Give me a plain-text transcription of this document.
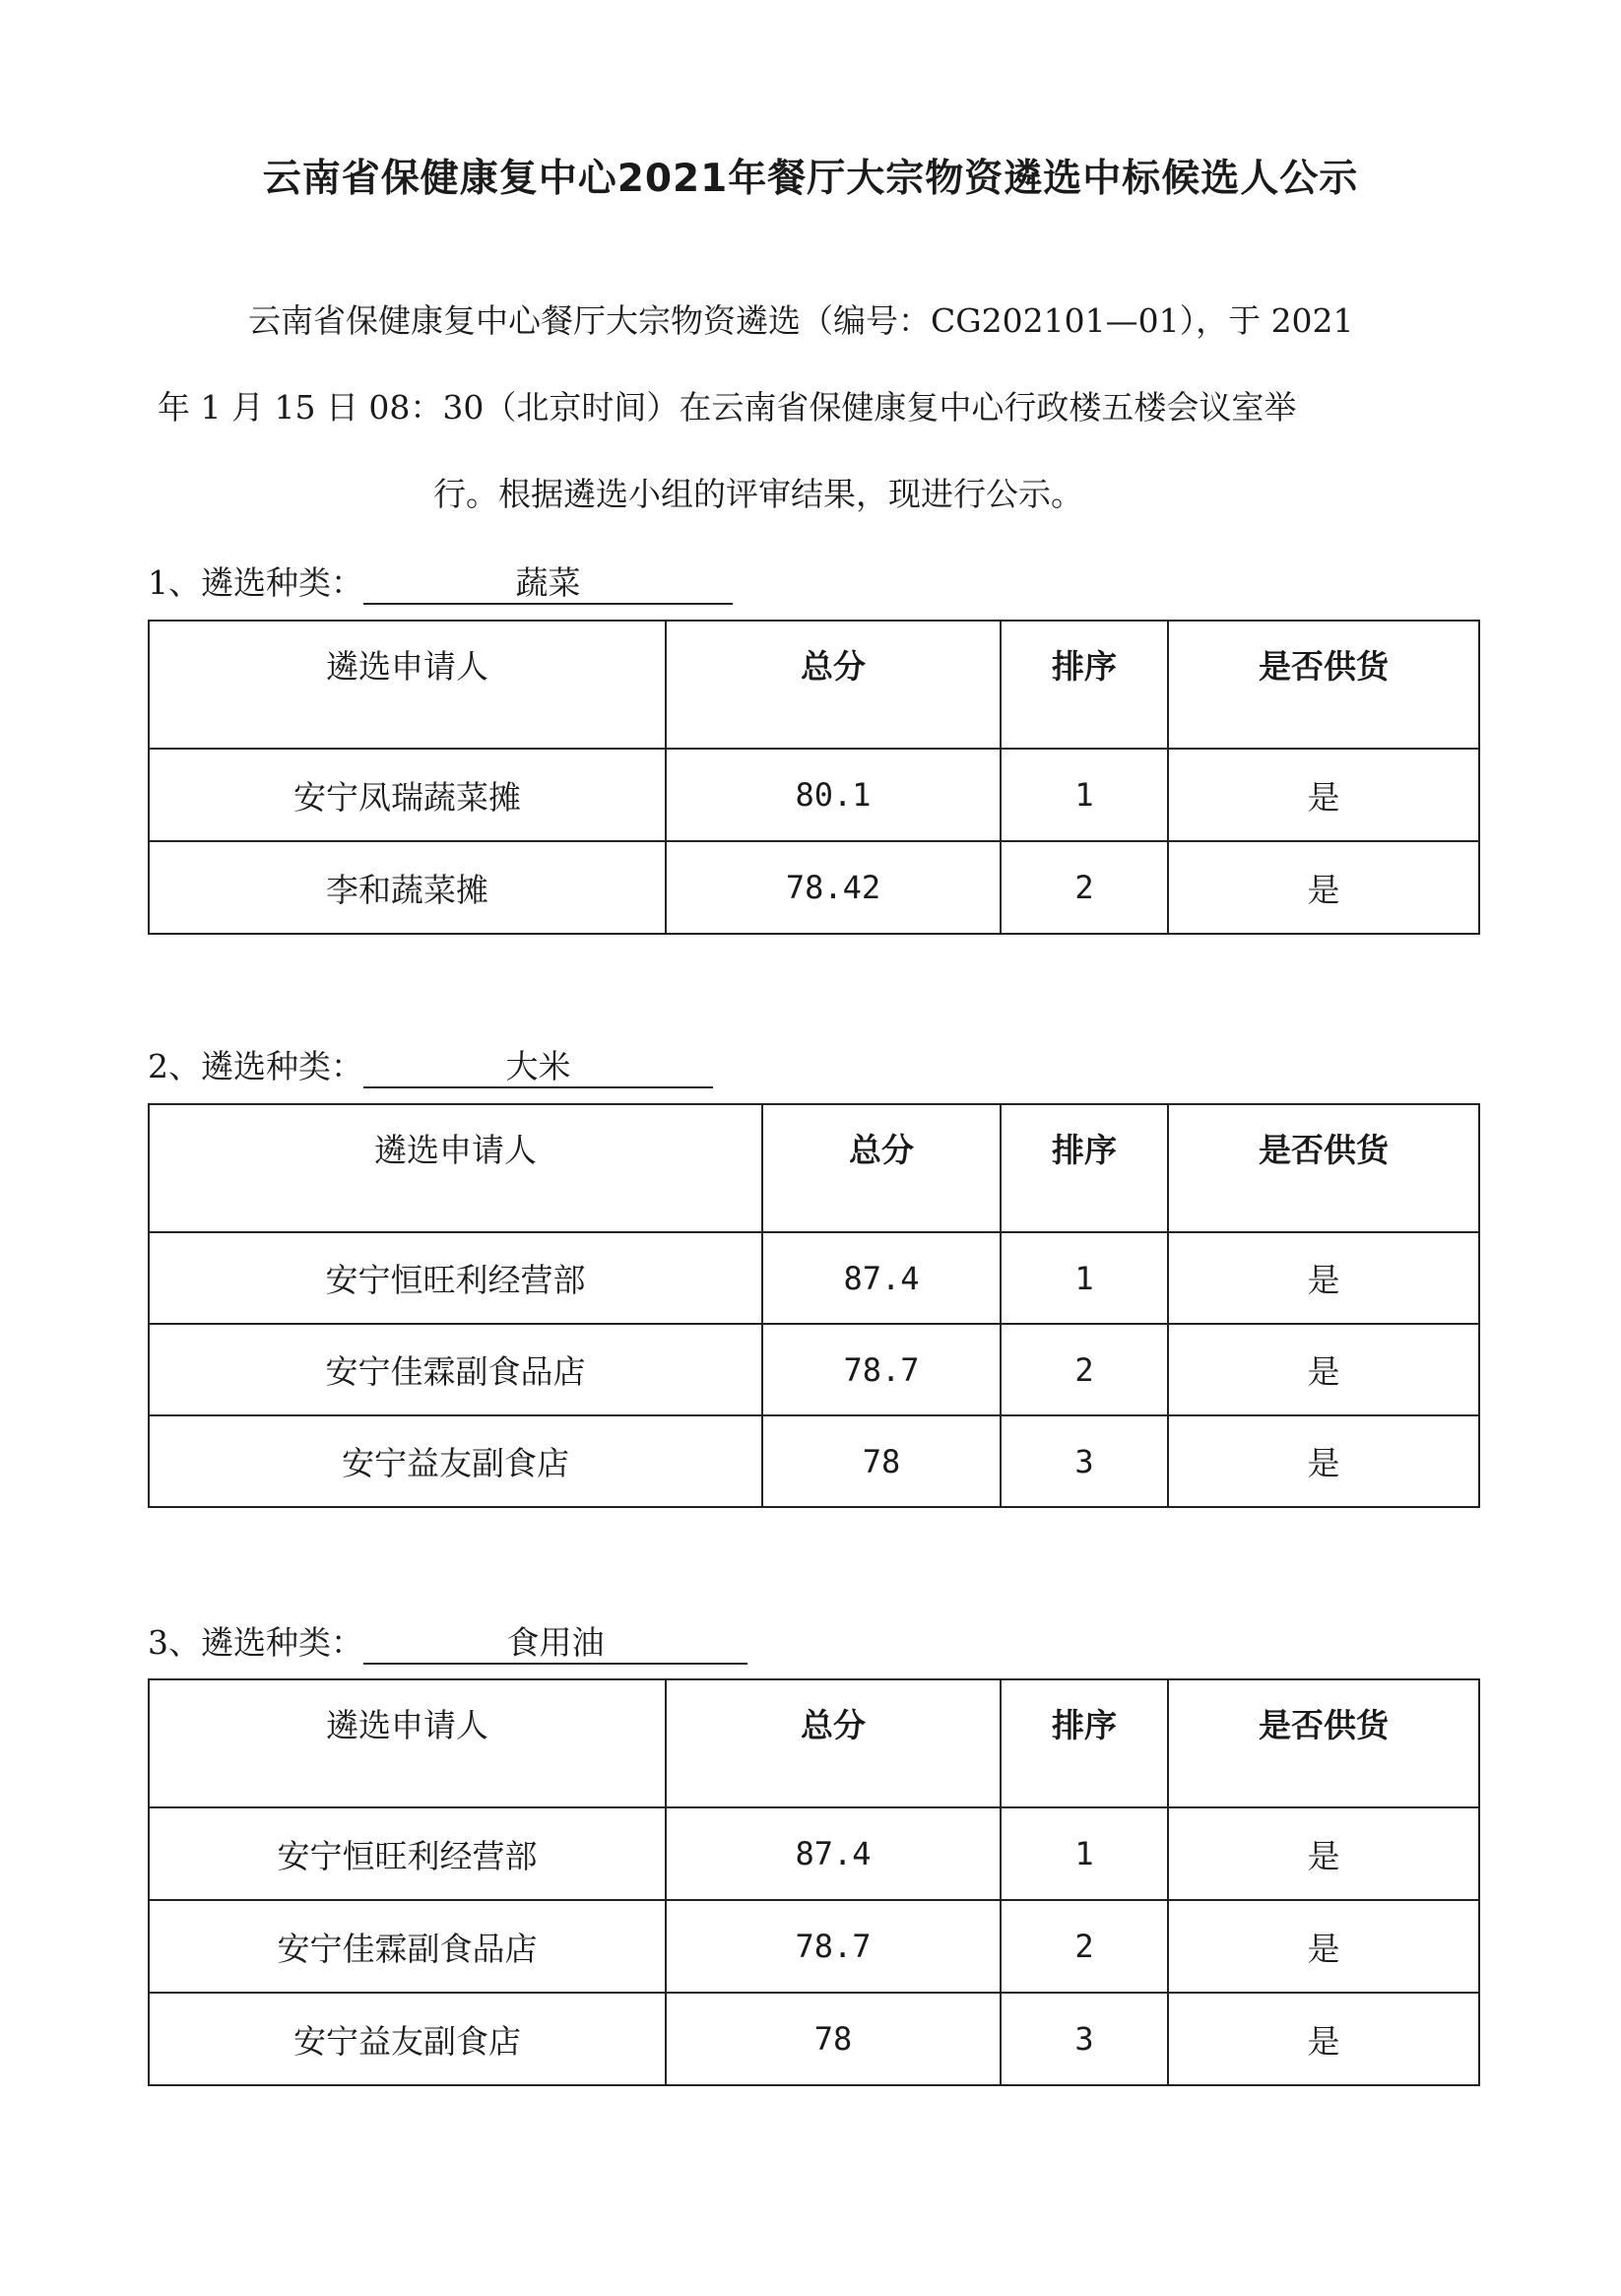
云南省保健康复中心2021年餐厅大宗物资遴选中标候选人公示
云南省保健康复中心餐厅大宗物资遴选（编号：CG202101—01），于 2021
年 1 月 15 日 08：30（北京时间）在云南省保健康复中心行政楼五楼会议室举
行。根据遴选小组的评审结果，现进行公示。
1、遴选种类：	蔬菜
遴选申请人	总分	排序	是否供货
安宁凤瑞蔬菜摊	80.1	1	是
李和蔬菜摊	78.42	2	是
2、遴选种类：	大米
遴选申请人	总分	排序	是否供货
安宁恒旺利经营部	87.4	1	是
安宁佳霖副食品店	78.7	2	是
安宁益友副食店	78	3	是
3、遴选种类：	食用油
遴选申请人	总分	排序	是否供货
安宁恒旺利经营部	87.4	1	是
安宁佳霖副食品店	78.7	2	是
安宁益友副食店	78	3	是
